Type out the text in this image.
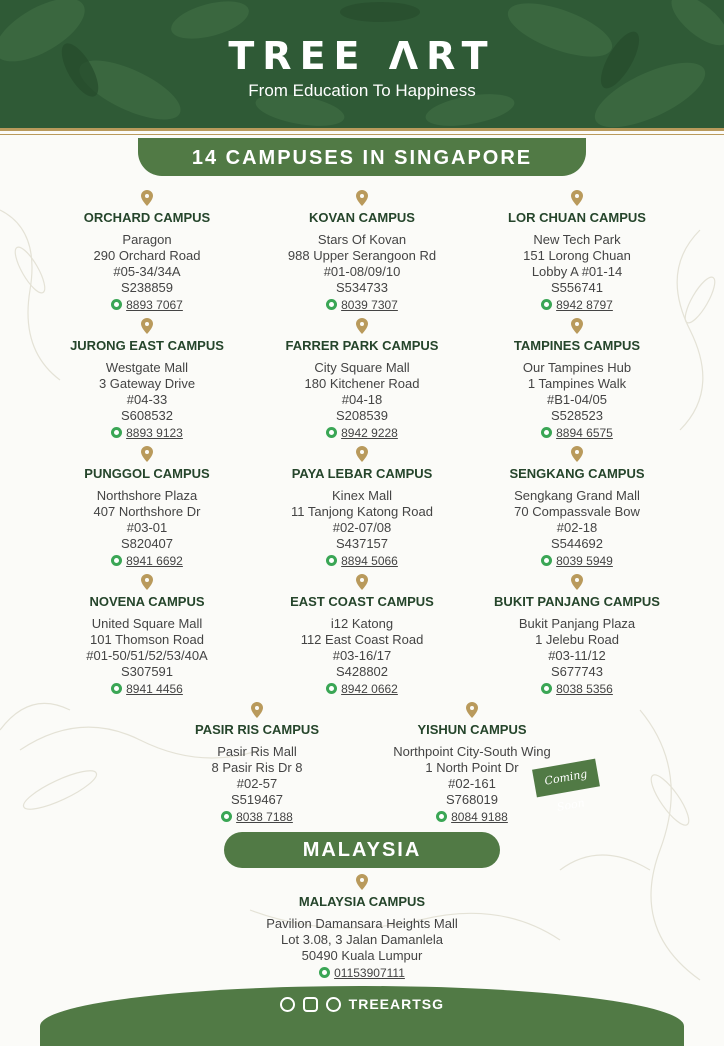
TREE ΛRT
From Education To Happiness
14 CAMPUSES IN SINGAPORE
ORCHARD CAMPUS
Paragon
290 Orchard Road
#05-34/34A
S238859
8893 7067
KOVAN CAMPUS
Stars Of Kovan
988 Upper Serangoon Rd
#01-08/09/10
S534733
8039 7307
LOR CHUAN CAMPUS
New Tech Park
151 Lorong Chuan
Lobby A #01-14
S556741
8942 8797
JURONG EAST CAMPUS
Westgate Mall
3 Gateway Drive
#04-33
S608532
8893 9123
FARRER PARK CAMPUS
City Square Mall
180 Kitchener Road
#04-18
S208539
8942 9228
TAMPINES CAMPUS
Our Tampines Hub
1 Tampines Walk
#B1-04/05
S528523
8894 6575
PUNGGOL CAMPUS
Northshore Plaza
407 Northshore Dr
#03-01
S820407
8941 6692
PAYA LEBAR CAMPUS
Kinex Mall
11 Tanjong Katong Road
#02-07/08
S437157
8894 5066
SENGKANG CAMPUS
Sengkang Grand Mall
70 Compassvale Bow
#02-18
S544692
8039 5949
NOVENA CAMPUS
United Square Mall
101 Thomson Road
#01-50/51/52/53/40A
S307591
8941 4456
EAST COAST CAMPUS
i12 Katong
112 East Coast Road
#03-16/17
S428802
8942 0662
BUKIT PANJANG CAMPUS
Bukit Panjang Plaza
1 Jelebu Road
#03-11/12
S677743
8038 5356
PASIR RIS CAMPUS
Pasir Ris Mall
8 Pasir Ris Dr 8
#02-57
S519467
8038 7188
YISHUN CAMPUS
Northpoint City-South Wing
1 North Point Dr
#02-161
S768019
8084 9188
Coming Soon
MALAYSIA
MALAYSIA CAMPUS
Pavilion Damansara Heights Mall
Lot 3.08, 3 Jalan Damanlela
50490 Kuala Lumpur
01153907111
TREEARTSG
